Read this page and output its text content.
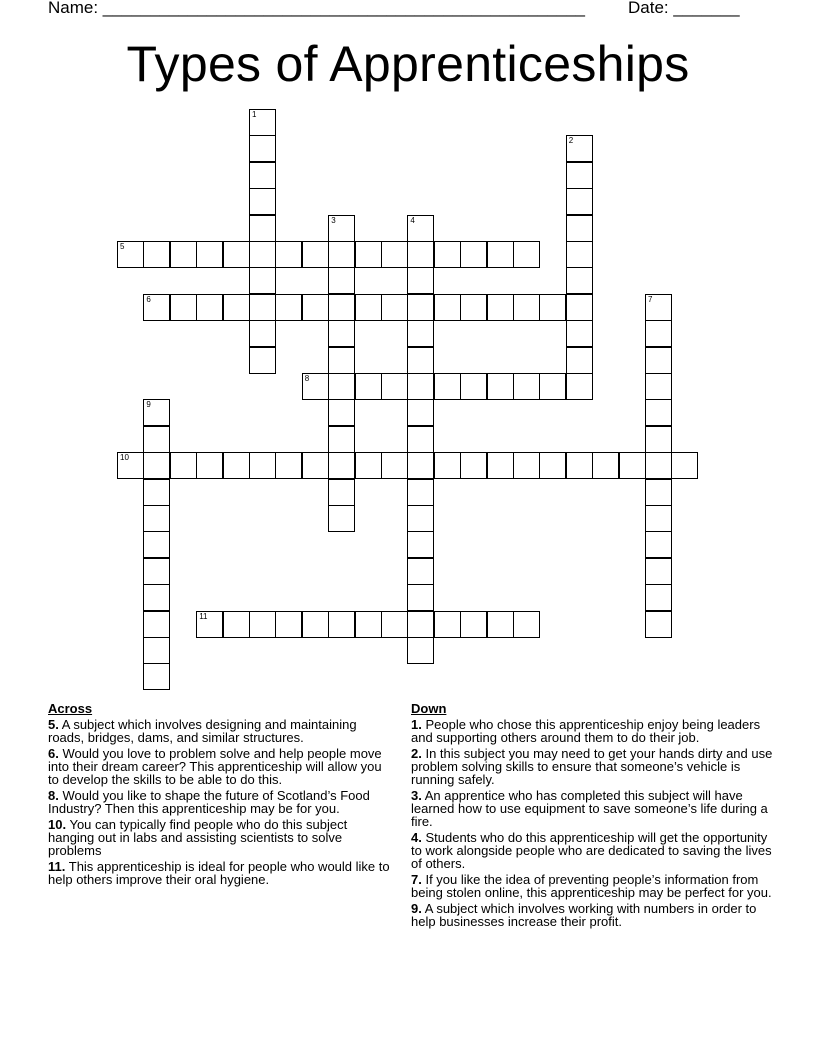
Name: ___________________________________________________	Date: _______
Types of Apprenticeships
1
2
3	4
5
6	7
8
9
10
11
Across
5. A subject which involves designing and maintaining roads, bridges, dams, and similar structures.
6. Would you love to problem solve and help people move into their dream career? This apprenticeship will allow you to develop the skills to be able to do this.
8. Would you like to shape the future of Scotland’s Food Industry? Then this apprenticeship may be for you.
10. You can typically find people who do this subject hanging out in labs and assisting scientists to solve problems
11. This apprenticeship is ideal for people who would like to help others improve their oral hygiene.
Down
1. People who chose this apprenticeship enjoy being leaders and supporting others around them to do their job.
2. In this subject you may need to get your hands dirty and use problem solving skills to ensure that someone’s vehicle is running safely.
3. An apprentice who has completed this subject will have learned how to use equipment to save someone’s life during a fire.
4. Students who do this apprenticeship will get the opportunity to work alongside people who are dedicated to saving the lives of others.
7. If you like the idea of preventing people’s information from being stolen online, this apprenticeship may be perfect for you.
9. A subject which involves working with numbers in order to help businesses increase their profit.
